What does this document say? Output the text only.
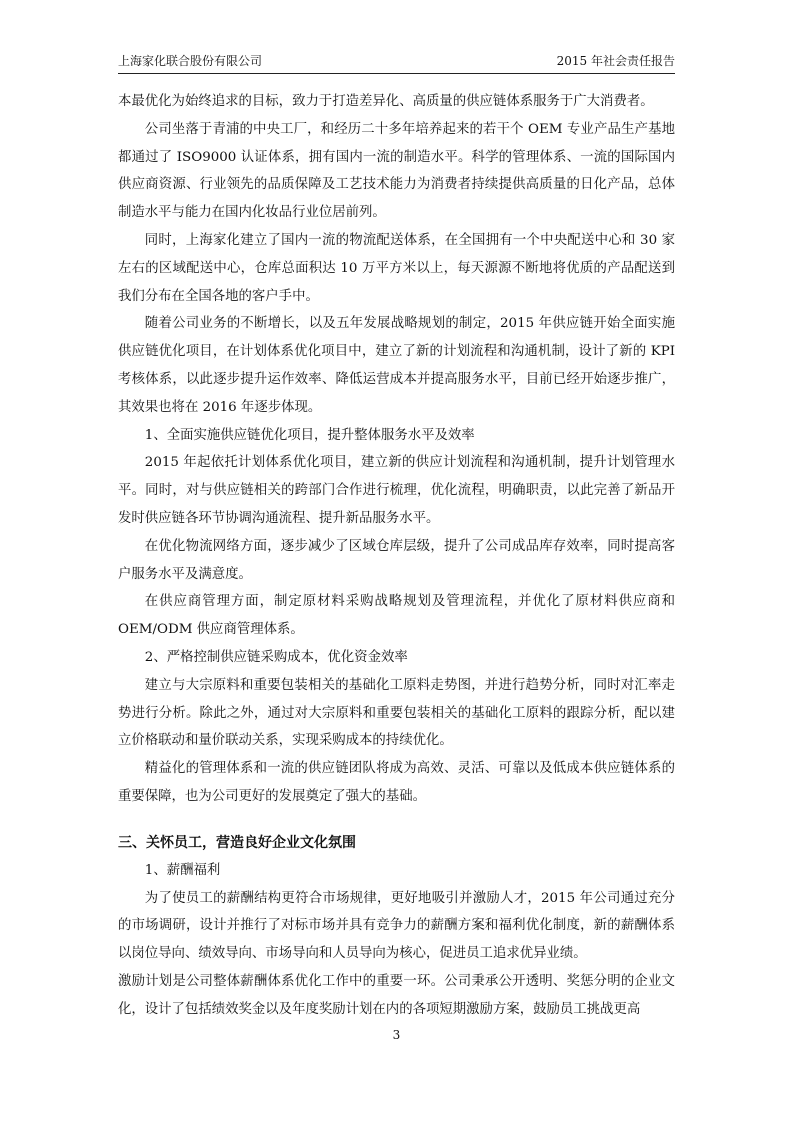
上海家化联合股份有限公司	2015 年社会责任报告

本最优化为始终追求的目标，致力于打造差异化、高质量的供应链体系服务于广大消费者。

公司坐落于青浦的中央工厂，和经历二十多年培养起来的若干个 OEM 专业产品生产基地都通过了 ISO9000 认证体系，拥有国内一流的制造水平。科学的管理体系、一流的国际国内供应商资源、行业领先的品质保障及工艺技术能力为消费者持续提供高质量的日化产品，总体制造水平与能力在国内化妆品行业位居前列。

同时，上海家化建立了国内一流的物流配送体系，在全国拥有一个中央配送中心和 30 家左右的区域配送中心，仓库总面积达 10 万平方米以上，每天源源不断地将优质的产品配送到我们分布在全国各地的客户手中。

随着公司业务的不断增长，以及五年发展战略规划的制定，2015 年供应链开始全面实施供应链优化项目，在计划体系优化项目中，建立了新的计划流程和沟通机制，设计了新的 KPI 考核体系，以此逐步提升运作效率、降低运营成本并提高服务水平，目前已经开始逐步推广，其效果也将在 2016 年逐步体现。

1、全面实施供应链优化项目，提升整体服务水平及效率

2015 年起依托计划体系优化项目，建立新的供应计划流程和沟通机制，提升计划管理水平。同时，对与供应链相关的跨部门合作进行梳理，优化流程，明确职责，以此完善了新品开发时供应链各环节协调沟通流程、提升新品服务水平。

在优化物流网络方面，逐步减少了区域仓库层级，提升了公司成品库存效率，同时提高客户服务水平及满意度。

在供应商管理方面，制定原材料采购战略规划及管理流程，并优化了原材料供应商和 OEM/ODM 供应商管理体系。

2、严格控制供应链采购成本，优化资金效率

建立与大宗原料和重要包装相关的基础化工原料走势图，并进行趋势分析，同时对汇率走势进行分析。除此之外，通过对大宗原料和重要包装相关的基础化工原料的跟踪分析，配以建立价格联动和量价联动关系，实现采购成本的持续优化。

精益化的管理体系和一流的供应链团队将成为高效、灵活、可靠以及低成本供应链体系的重要保障，也为公司更好的发展奠定了强大的基础。

三、关怀员工，营造良好企业文化氛围

1、薪酬福利

为了使员工的薪酬结构更符合市场规律，更好地吸引并激励人才，2015 年公司通过充分的市场调研，设计并推行了对标市场并具有竞争力的薪酬方案和福利优化制度，新的薪酬体系以岗位导向、绩效导向、市场导向和人员导向为核心，促进员工追求优异业绩。

激励计划是公司整体薪酬体系优化工作中的重要一环。公司秉承公开透明、奖惩分明的企业文化，设计了包括绩效奖金以及年度奖励计划在内的各项短期激励方案，鼓励员工挑战更高

3
